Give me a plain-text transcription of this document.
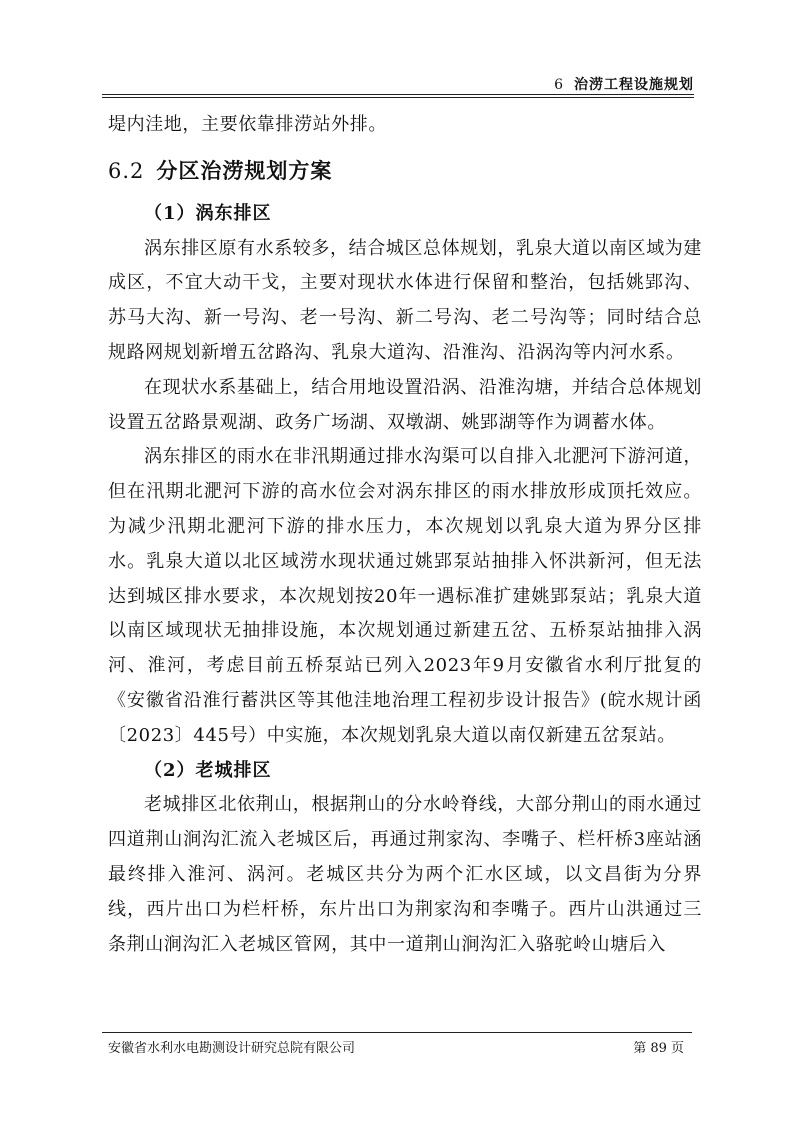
6 治涝工程设施规划

堤内洼地，主要依靠排涝站外排。

6.2 分区治涝规划方案

（1）涡东排区

涡东排区原有水系较多，结合城区总体规划，乳泉大道以南区域为建成区，不宜大动干戈，主要对现状水体进行保留和整治，包括姚郢沟、苏马大沟、新一号沟、老一号沟、新二号沟、老二号沟等；同时结合总规路网规划新增五岔路沟、乳泉大道沟、沿淮沟、沿涡沟等内河水系。

在现状水系基础上，结合用地设置沿涡、沿淮沟塘，并结合总体规划设置五岔路景观湖、政务广场湖、双墩湖、姚郢湖等作为调蓄水体。

涡东排区的雨水在非汛期通过排水沟渠可以自排入北淝河下游河道，但在汛期北淝河下游的高水位会对涡东排区的雨水排放形成顶托效应。为减少汛期北淝河下游的排水压力，本次规划以乳泉大道为界分区排水。乳泉大道以北区域涝水现状通过姚郢泵站抽排入怀洪新河，但无法达到城区排水要求，本次规划按20年一遇标准扩建姚郢泵站；乳泉大道以南区域现状无抽排设施，本次规划通过新建五岔、五桥泵站抽排入涡河、淮河，考虑目前五桥泵站已列入2023年9月安徽省水利厅批复的《安徽省沿淮行蓄洪区等其他洼地治理工程初步设计报告》(皖水规计函〔2023〕445号）中实施，本次规划乳泉大道以南仅新建五岔泵站。

（2）老城排区

老城排区北依荆山，根据荆山的分水岭脊线，大部分荆山的雨水通过四道荆山涧沟汇流入老城区后，再通过荆家沟、李嘴子、栏杆桥3座站涵最终排入淮河、涡河。老城区共分为两个汇水区域，以文昌街为分界线，西片出口为栏杆桥，东片出口为荆家沟和李嘴子。西片山洪通过三条荆山涧沟汇入老城区管网，其中一道荆山涧沟汇入骆驼岭山塘后入

安徽省水利水电勘测设计研究总院有限公司	第 89 页
